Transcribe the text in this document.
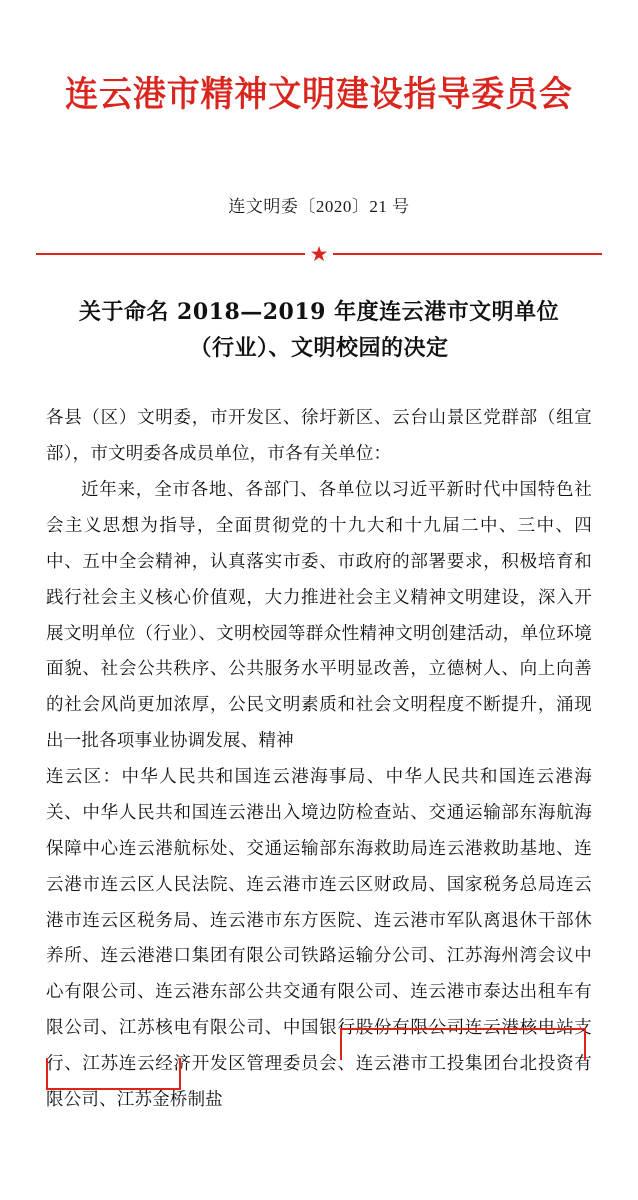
连云港市精神文明建设指导委员会
连文明委〔2020〕21 号
★
关于命名 2018—2019 年度连云港市文明单位
（行业）、文明校园的决定

各县（区）文明委，市开发区、徐圩新区、云台山景区党群部（组宣部），市文明委各成员单位，市各有关单位：

近年来，全市各地、各部门、各单位以习近平新时代中国特色社会主义思想为指导，全面贯彻党的十九大和十九届二中、三中、四中、五中全会精神，认真落实市委、市政府的部署要求，积极培育和践行社会主义核心价值观，大力推进社会主义精神文明建设，深入开展文明单位（行业）、文明校园等群众性精神文明创建活动，单位环境面貌、社会公共秩序、公共服务水平明显改善，立德树人、向上向善的社会风尚更加浓厚，公民文明素质和社会文明程度不断提升，涌现出一批各项事业协调发展、精神

连云区：中华人民共和国连云港海事局、中华人民共和国连云港海关、中华人民共和国连云港出入境边防检查站、交通运输部东海航海保障中心连云港航标处、交通运输部东海救助局连云港救助基地、连云港市连云区人民法院、连云港市连云区财政局、国家税务总局连云港市连云区税务局、连云港市东方医院、连云港市军队离退休干部休养所、连云港港口集团有限公司铁路运输分公司、江苏海州湾会议中心有限公司、连云港东部公共交通有限公司、连云港市泰达出租车有限公司、江苏核电有限公司、中国银行股份有限公司连云港核电站支行、江苏连云经济开发区管理委员会、连云港市工投集团台北投资有限公司、江苏金桥制盐
